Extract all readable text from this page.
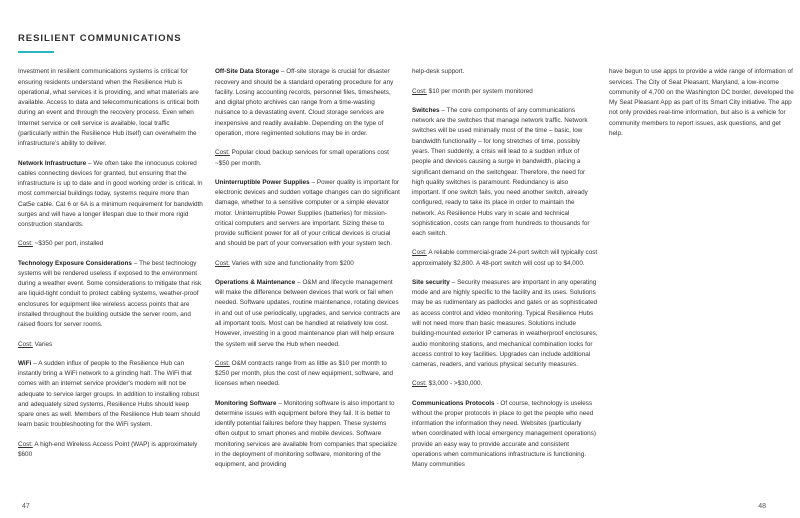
RESILIENT COMMUNICATIONS

Investment in resilient communications systems is critical for ensuring residents understand when the Resilience Hub is operational, what services it is providing, and what materials are available. Access to data and telecommunications is critical both during an event and through the recovery process. Even when Internet service or cell service is available, local traffic (particularly within the Resilience Hub itself) can overwhelm the infrastructure's ability to deliver.

Network Infrastructure – We often take the innocuous colored cables connecting devices for granted, but ensuring that the infrastructure is up to date and in good working order is critical. In most commercial buildings today, systems require more than Cat5e cable. Cat 6 or 6A is a minimum requirement for bandwidth surges and will have a longer lifespan due to their more rigid construction standards.

Cost: ~$350 per port, installed

Technology Exposure Considerations – The best technology systems will be rendered useless if exposed to the environment during a weather event. Some considerations to mitigate that risk are liquid-tight conduit to protect cabling systems, weather-proof enclosures for equipment like wireless access points that are installed throughout the building outside the server room, and raised floors for server rooms.

Cost: Varies

WiFi – A sudden influx of people to the Resilience Hub can instantly bring a WiFi network to a grinding halt. The WiFi that comes with an internet service provider's modem will not be adequate to service larger groups. In addition to installing robust and adequately sized systems, Resilience Hubs should keep spare ones as well. Members of the Resilience Hub team should learn basic troubleshooting for the WiFi system.

Cost: A high-end Wireless Access Point (WAP) is approximately $600

Off-Site Data Storage – Off-site storage is crucial for disaster recovery and should be a standard operating procedure for any facility. Losing accounting records, personnel files, timesheets, and digital photo archives can range from a time-wasting nuisance to a devastating event. Cloud storage services are inexpensive and readily available. Depending on the type of operation, more regimented solutions may be in order.

Cost: Popular cloud backup services for small operations cost ~$50 per month.

Uninterruptible Power Supplies – Power quality is important for electronic devices and sudden voltage changes can do significant damage, whether to a sensitive computer or a simple elevator motor. Uninterruptible Power Supplies (batteries) for mission-critical computers and servers are important. Sizing these to provide sufficient power for all of your critical devices is crucial and should be part of your conversation with your system tech.

Cost: Varies with size and functionality from $200

Operations & Maintenance – O&M and lifecycle management will make the difference between devices that work or fail when needed. Software updates, routine maintenance, rotating devices in and out of use periodically, upgrades, and service contracts are all important tools. Most can be handled at relatively low cost. However, investing in a good maintenance plan will help ensure the system will serve the Hub when needed.

Cost: O&M contracts range from as little as $10 per month to $250 per month, plus the cost of new equipment, software, and licenses when needed.

Monitoring Software – Monitoring software is also important to determine issues with equipment before they fail. It is better to identify potential failures before they happen. These systems often output to smart phones and mobile devices. Software monitoring services are available from companies that specialize in the deployment of monitoring software, monitoring of the equipment, and providing

help-desk support.

Cost: $10 per month per system monitored

Switches – The core components of any communications network are the switches that manage network traffic. Network switches will be used minimally most of the time – basic, low bandwidth functionality – for long stretches of time, possibly years. Then suddenly, a crisis will lead to a sudden influx of people and devices causing a surge in bandwidth, placing a significant demand on the switchgear. Therefore, the need for high quality switches is paramount. Redundancy is also important. If one switch fails, you need another switch, already configured, ready to take its place in order to maintain the network. As Resilience Hubs vary in scale and technical sophistication, costs can range from hundreds to thousands for each switch.

Cost: A reliable commercial-grade 24-port switch will typically cost approximately $2,800. A 48-port switch will cost up to $4,000.

Site security – Security measures are important in any operating mode and are highly specific to the facility and its uses. Solutions may be as rudimentary as padlocks and gates or as sophisticated as access control and video monitoring. Typical Resilience Hubs will not need more than basic measures. Solutions include building-mounted exterior IP cameras in weatherproof enclosures, audio monitoring stations, and mechanical combination locks for access control to key facilities. Upgrades can include additional cameras, readers, and various physical security measures.

Cost: $3,000 - >$30,000.

Communications Protocols - Of course, technology is useless without the proper protocols in place to get the people who need information the information they need. Websites (particularly when coordinated with local emergency management operations) provide an easy way to provide accurate and consistent operations when communications infrastructure is functioning. Many communities

have begun to use apps to provide a wide range of information of services. The City of Seat Pleasant, Maryland, a low-income community of 4,700 on the Washington DC border, developed the My Seat Pleasant App as part of its Smart City initiative. The app not only provides real-time information, but also is a vehicle for community members to report issues, ask questions, and get help.

47	48
